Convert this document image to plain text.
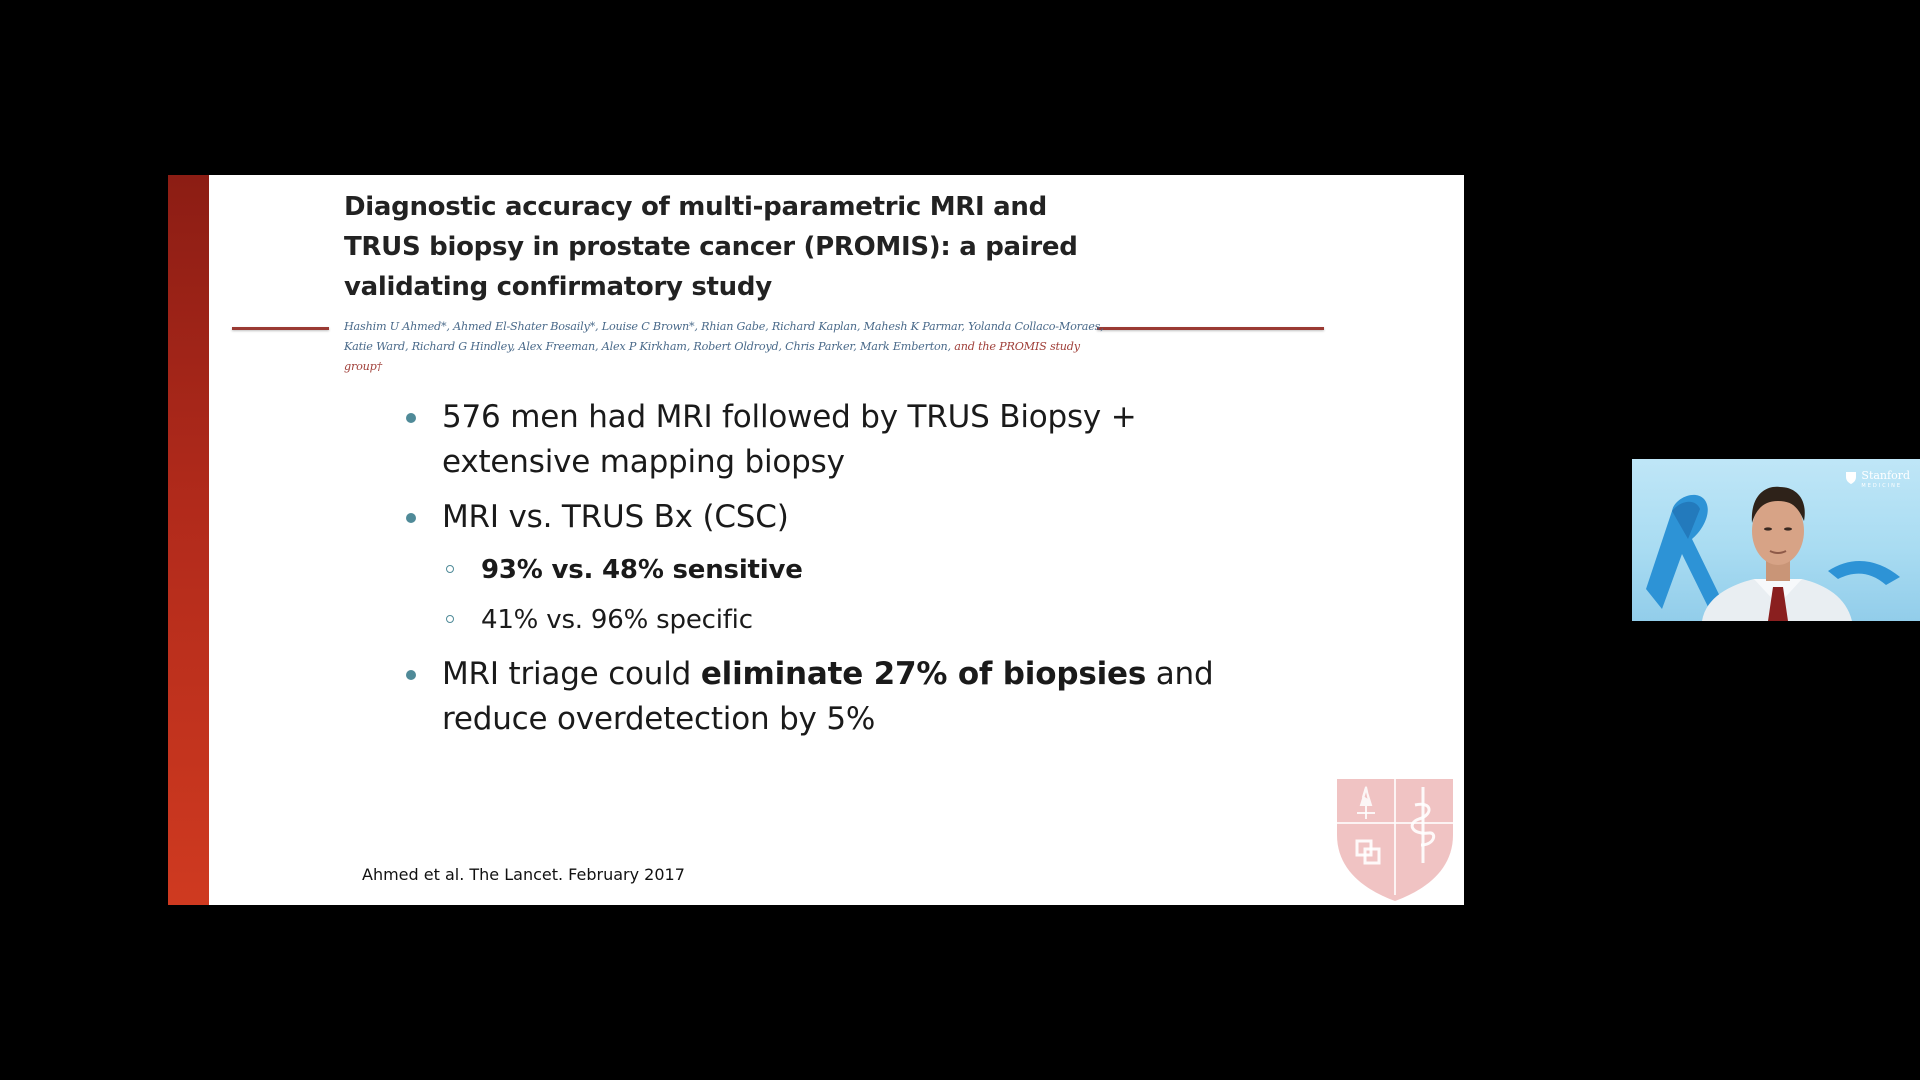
Diagnostic accuracy of multi-parametric MRI and TRUS biopsy in prostate cancer (PROMIS): a paired validating confirmatory study
Hashim U Ahmed*, Ahmed El-Shater Bosaily*, Louise C Brown*, Rhian Gabe, Richard Kaplan, Mahesh K Parmar, Yolanda Collaco-Moraes, Katie Ward, Richard G Hindley, Alex Freeman, Alex P Kirkham, Robert Oldroyd, Chris Parker, Mark Emberton, and the PROMIS study group†
576 men had MRI followed by TRUS Biopsy +
extensive mapping biopsy
MRI vs. TRUS Bx (CSC)
93% vs. 48% sensitive
41% vs. 96% specific
MRI triage could eliminate 27% of biopsies and
reduce overdetection by 5%
Ahmed et al. The Lancet. February 2017
Stanford
MEDICINE
